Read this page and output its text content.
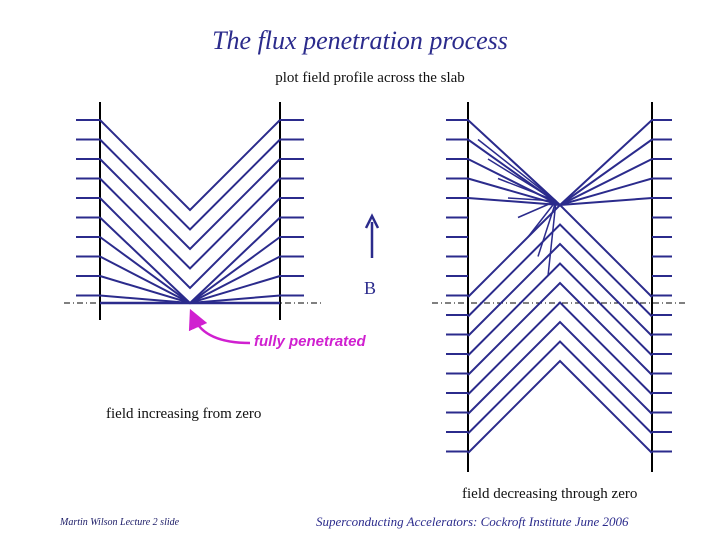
The flux penetration process
plot field profile across the slab
B
fully penetrated
field increasing from zero
field decreasing through zero
Martin Wilson Lecture 2 slide	Superconducting Accelerators: Cockroft Institute June 2006
